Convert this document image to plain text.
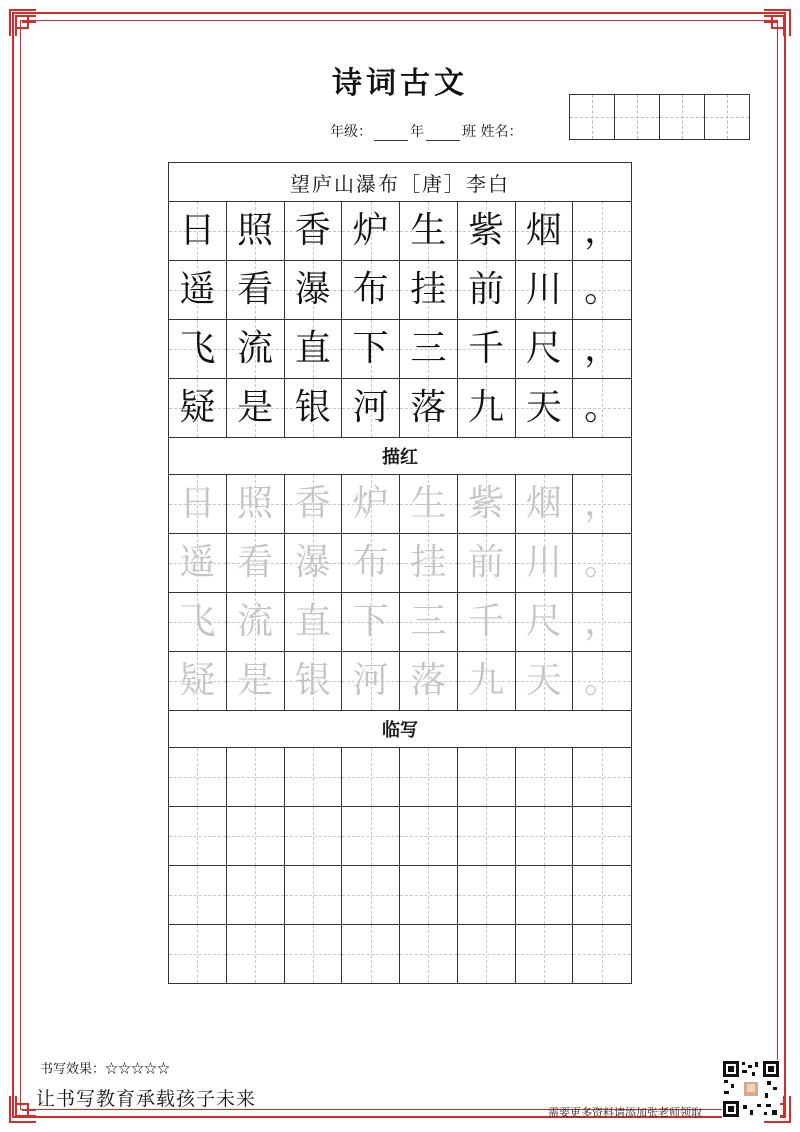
诗词古文
年级：	年	班 姓名：
望庐山瀑布［唐］李白
日 照 香 炉 生 紫 烟 ，
遥 看 瀑 布 挂 前 川 。
飞 流 直 下 三 千 尺 ，
疑 是 银 河 落 九 天 。
描红
日 照 香 炉 生 紫 烟 ，
遥 看 瀑 布 挂 前 川 。
飞 流 直 下 三 千 尺 ，
疑 是 银 河 落 九 天 。
临写
书写效果：☆☆☆☆☆
让书写教育承载孩子未来
需要更多资料请添加张老师领取
